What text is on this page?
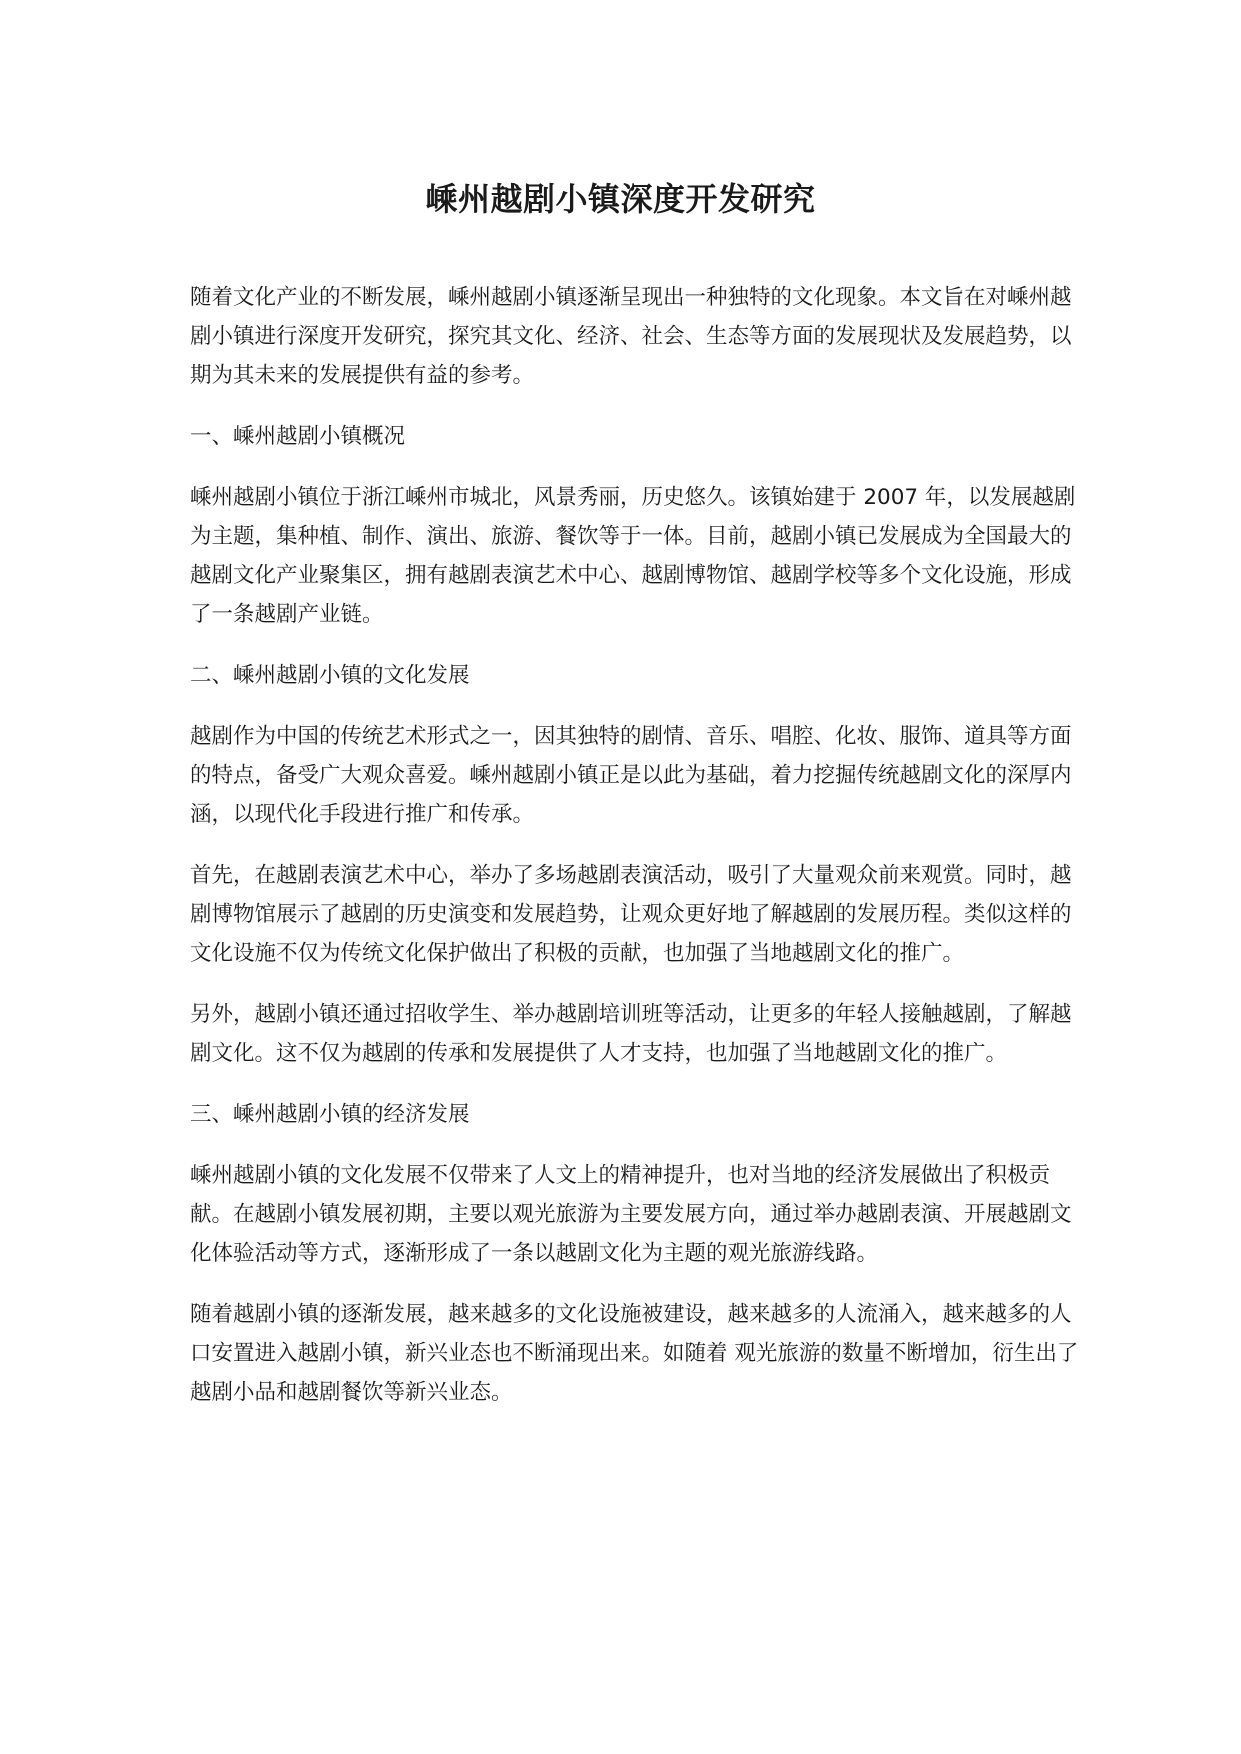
嵊州越剧小镇深度开发研究

随着文化产业的不断发展，嵊州越剧小镇逐渐呈现出一种独特的文化现象。本文旨在对嵊州越剧小镇进行深度开发研究，探究其文化、经济、社会、生态等方面的发展现状及发展趋势，以期为其未来的发展提供有益的参考。

一、嵊州越剧小镇概况

嵊州越剧小镇位于浙江嵊州市城北，风景秀丽，历史悠久。该镇始建于 2007 年，以发展越剧为主题，集种植、制作、演出、旅游、餐饮等于一体。目前，越剧小镇已发展成为全国最大的越剧文化产业聚集区，拥有越剧表演艺术中心、越剧博物馆、越剧学校等多个文化设施，形成了一条越剧产业链。

二、嵊州越剧小镇的文化发展

越剧作为中国的传统艺术形式之一，因其独特的剧情、音乐、唱腔、化妆、服饰、道具等方面的特点，备受广大观众喜爱。嵊州越剧小镇正是以此为基础，着力挖掘传统越剧文化的深厚内涵，以现代化手段进行推广和传承。

首先，在越剧表演艺术中心，举办了多场越剧表演活动，吸引了大量观众前来观赏。同时，越剧博物馆展示了越剧的历史演变和发展趋势，让观众更好地了解越剧的发展历程。类似这样的文化设施不仅为传统文化保护做出了积极的贡献，也加强了当地越剧文化的推广。

另外，越剧小镇还通过招收学生、举办越剧培训班等活动，让更多的年轻人接触越剧，了解越剧文化。这不仅为越剧的传承和发展提供了人才支持，也加强了当地越剧文化的推广。

三、嵊州越剧小镇的经济发展

嵊州越剧小镇的文化发展不仅带来了人文上的精神提升，也对当地的经济发展做出了积极贡献。在越剧小镇发展初期，主要以观光旅游为主要发展方向，通过举办越剧表演、开展越剧文化体验活动等方式，逐渐形成了一条以越剧文化为主题的观光旅游线路。

随着越剧小镇的逐渐发展，越来越多的文化设施被建设，越来越多的人流涌入，越来越多的人口安置进入越剧小镇，新兴业态也不断涌现出来。如随着 观光旅游的数量不断增加，衍生出了越剧小品和越剧餐饮等新兴业态。
